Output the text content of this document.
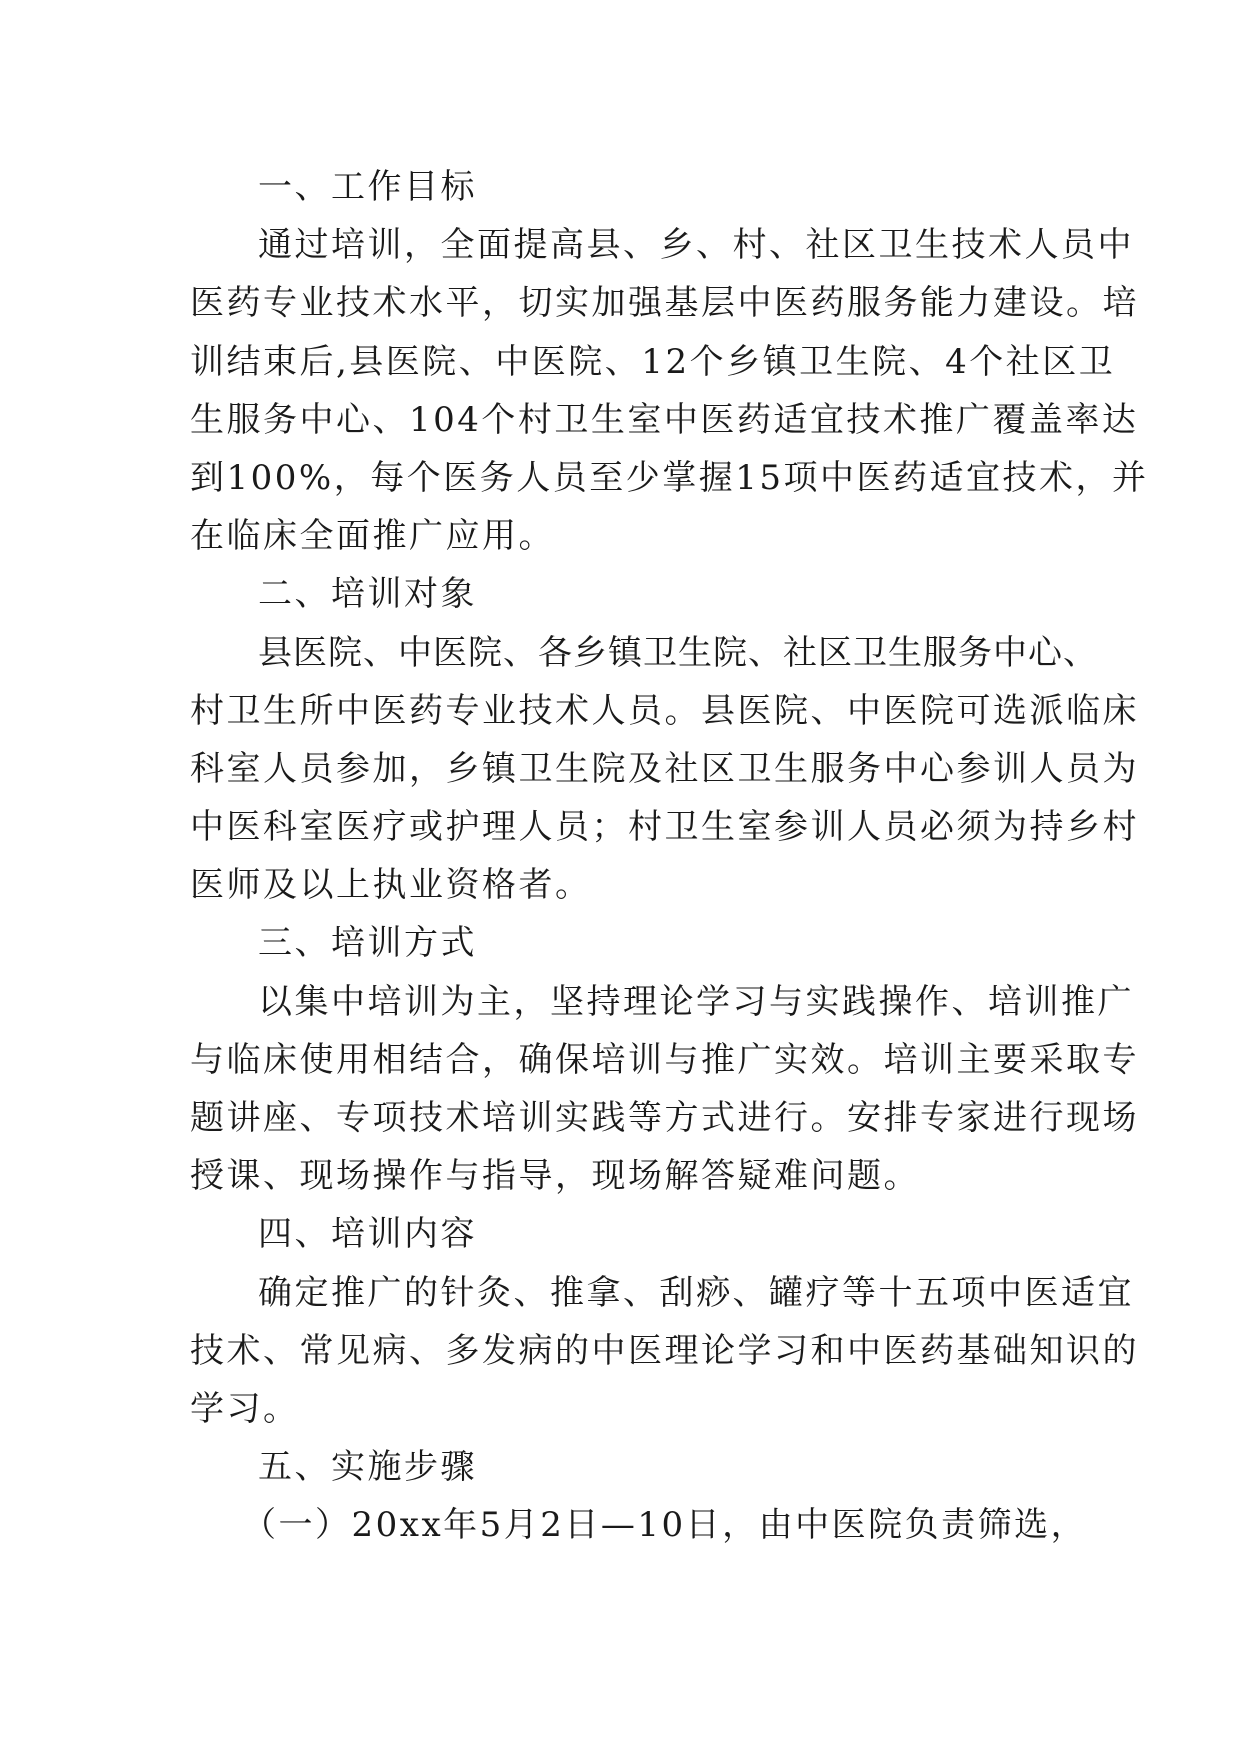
一、工作目标
通过培训，全面提高县、乡、村、社区卫生技术人员中
医药专业技术水平，切实加强基层中医药服务能力建设。培
训结束后,县医院、中医院、12个乡镇卫生院、4个社区卫
生服务中心、104个村卫生室中医药适宜技术推广覆盖率达
到100%，每个医务人员至少掌握15项中医药适宜技术，并
在临床全面推广应用。
二、培训对象
县医院、中医院、各乡镇卫生院、社区卫生服务中心、
村卫生所中医药专业技术人员。县医院、中医院可选派临床
科室人员参加，乡镇卫生院及社区卫生服务中心参训人员为
中医科室医疗或护理人员；村卫生室参训人员必须为持乡村
医师及以上执业资格者。
三、培训方式
以集中培训为主，坚持理论学习与实践操作、培训推广
与临床使用相结合，确保培训与推广实效。培训主要采取专
题讲座、专项技术培训实践等方式进行。安排专家进行现场
授课、现场操作与指导，现场解答疑难问题。
四、培训内容
确定推广的针灸、推拿、刮痧、罐疗等十五项中医适宜
技术、常见病、多发病的中医理论学习和中医药基础知识的
学习。
五、实施步骤
（一）20xx年5月2日—10日，由中医院负责筛选，
